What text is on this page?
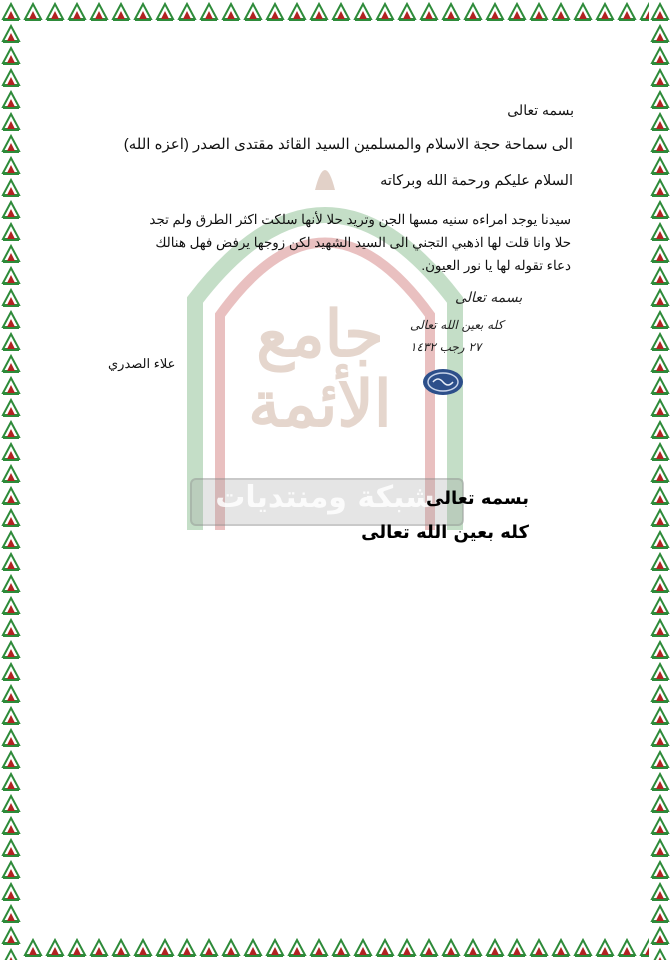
جامع الأئمة
شبكة ومنتديات
بسمه تعالى
الى سماحة حجة الاسلام والمسلمين السيد القائد مقتدى الصدر (اعزه الله)
السلام عليكم ورحمة الله وبركاته
سيدنا يوجد امراءه سنيه مسها الجن وتريد حلا لأنها سلكت اكثر الطرق ولم تجد حلا وانا قلت لها اذهبي التجني الى السيد الشهيد لكن زوجها يرفض فهل هنالك دعاء تقوله لها يا نور العيون.
علاء الصدري
بسمه تعالى
كله بعين الله تعالى
٢٧ رجب ١٤٣٢
بسمه تعالى
كله بعين الله تعالى
